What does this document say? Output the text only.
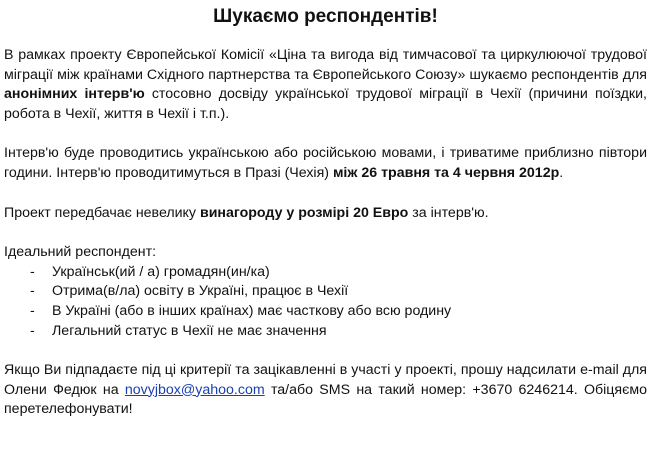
Шукаємо респондентів!

В рамках проекту Європейської Комісії «Ціна та вигода від тимчасової та циркулюючої трудової міграції між країнами Східного партнерства та Європейського Союзу» шукаємо респондентів для анонімних інтерв'ю стосовно досвіду української трудової міграції в Чехії (причини поїздки, робота в Чехії, життя в Чехії і т.п.).

Інтерв'ю буде проводитись українською або російською мовами, і триватиме приблизно півтори години. Інтерв'ю проводитимуться в Празі (Чехія) між 26 травня та 4 червня 2012р.

Проект передбачає невелику винагороду у розмірі 20 Евро за інтерв'ю.

Ідеальний респондент:

- Українськ(ий / а) громадян(ин/ка)
- Отрима(в/ла) освіту в Україні, працює в Чехії
- В Україні (або в інших країнах) має часткову або всю родину
- Легальний статус в Чехії не має значення

Якщо Ви підпадаєте під ці критерії та зацікавленні в участі у проекті, прошу надсилати e-mail для Олени Федюк на novyjbox@yahoo.com та/або SMS на такий номер: +3670 6246214. Обіцяємо перетелефонувати!
